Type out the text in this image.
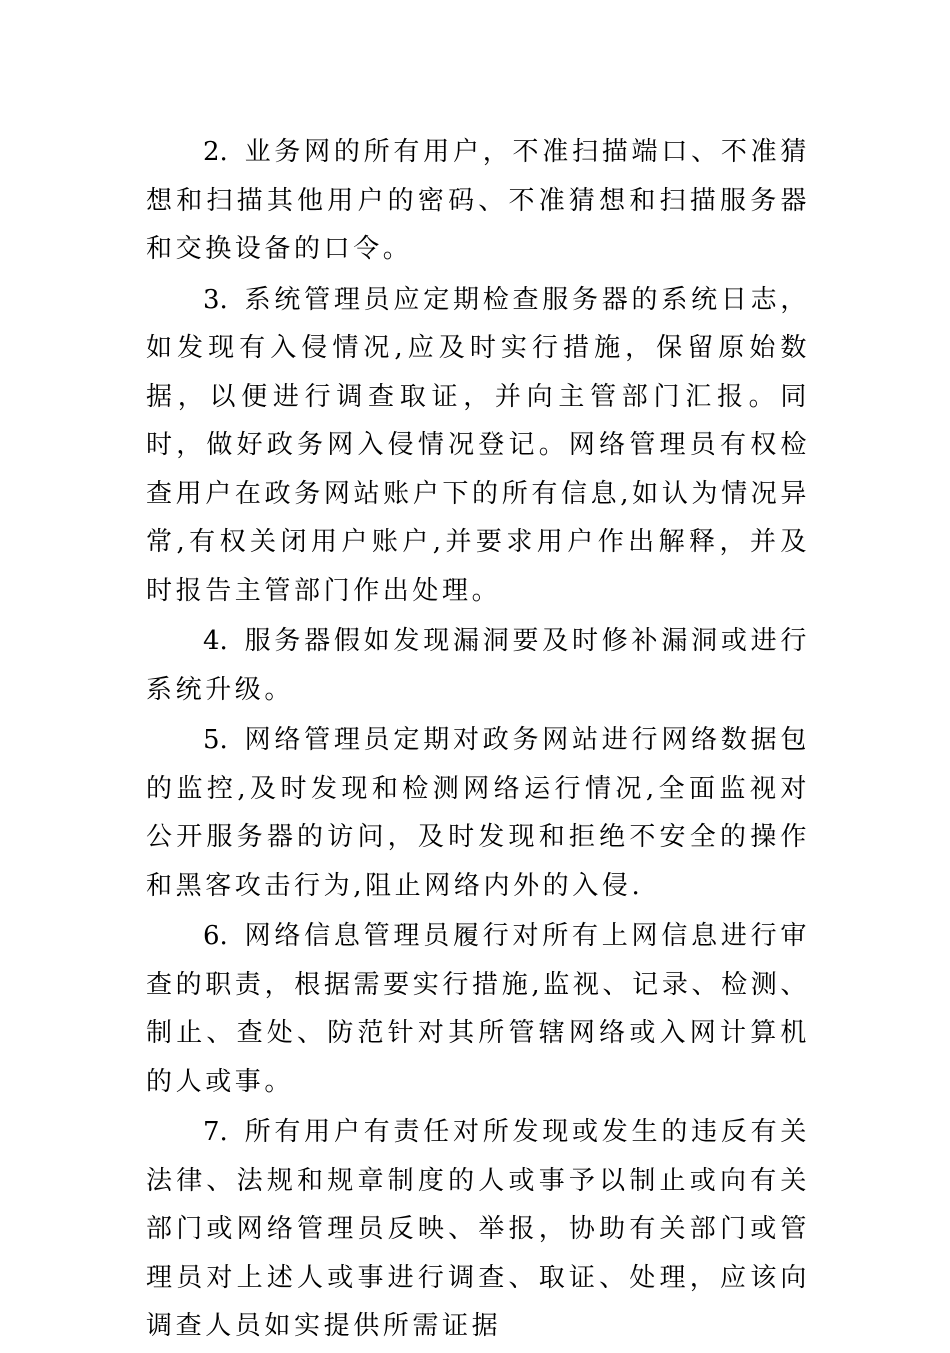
2.  业务网的所有用户，不准扫描端口、不准猜想和扫描其他用户的密码、不准猜想和扫描服务器和交换设备的口令。

3.  系统管理员应定期检查服务器的系统日志，如发现有入侵情况,应及时实行措施，保留原始数据，以便进行调查取证，并向主管部门汇报。同时，做好政务网入侵情况登记。网络管理员有权检查用户在政务网站账户下的所有信息,如认为情况异常,有权关闭用户账户,并要求用户作出解释，并及时报告主管部门作出处理。

4.  服务器假如发现漏洞要及时修补漏洞或进行系统升级。

5.  网络管理员定期对政务网站进行网络数据包的监控,及时发现和检测网络运行情况,全面监视对公开服务器的访问，及时发现和拒绝不安全的操作和黑客攻击行为,阻止网络内外的入侵.

6.  网络信息管理员履行对所有上网信息进行审查的职责，根据需要实行措施,监视、记录、检测、制止、查处、防范针对其所管辖网络或入网计算机的人或事。

7.  所有用户有责任对所发现或发生的违反有关法律、法规和规章制度的人或事予以制止或向有关部门或网络管理员反映、举报，协助有关部门或管理员对上述人或事进行调查、取证、处理，应该向调查人员如实提供所需证据
